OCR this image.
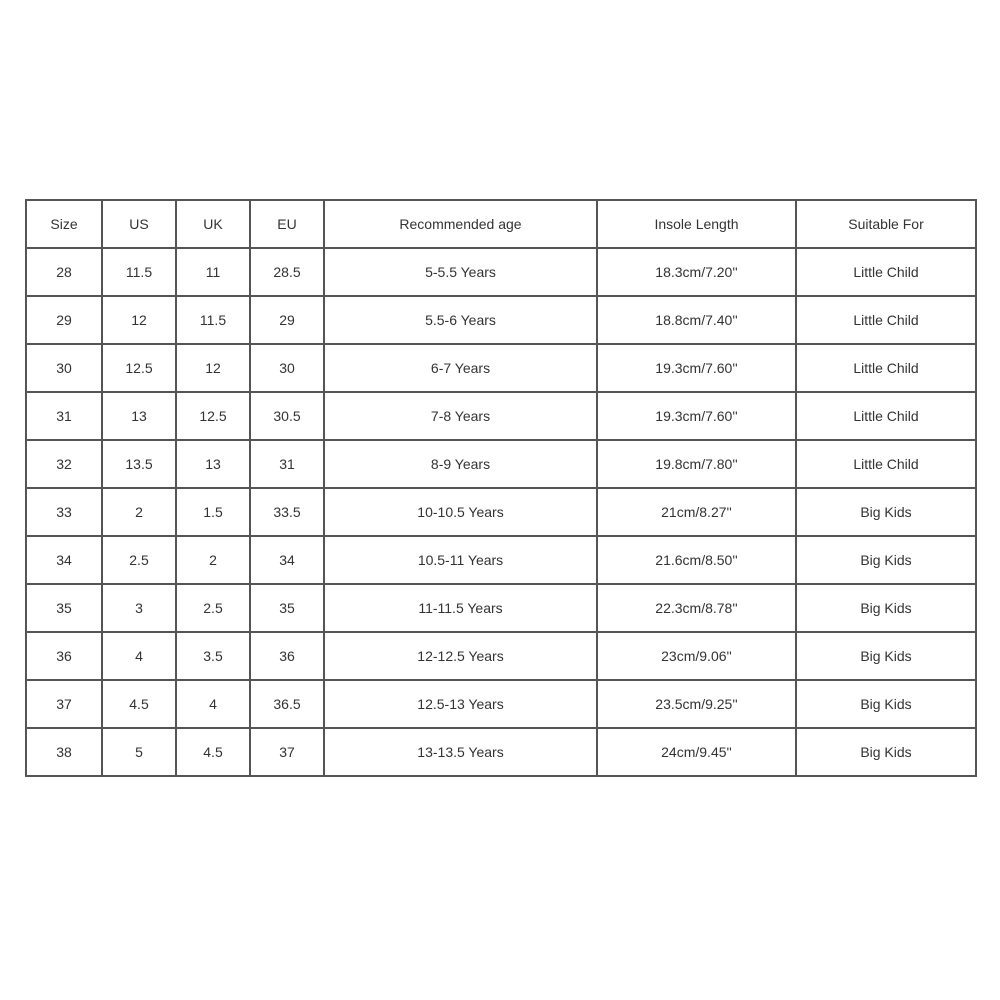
Size	US	UK	EU	Recommended age	Insole Length	Suitable For
28	11.5	11	28.5	5-5.5 Years	18.3cm/7.20''	Little Child
29	12	11.5	29	5.5-6 Years	18.8cm/7.40''	Little Child
30	12.5	12	30	6-7 Years	19.3cm/7.60''	Little Child
31	13	12.5	30.5	7-8 Years	19.3cm/7.60''	Little Child
32	13.5	13	31	8-9 Years	19.8cm/7.80''	Little Child
33	2	1.5	33.5	10-10.5 Years	21cm/8.27''	Big Kids
34	2.5	2	34	10.5-11 Years	21.6cm/8.50''	Big Kids
35	3	2.5	35	11-11.5 Years	22.3cm/8.78''	Big Kids
36	4	3.5	36	12-12.5 Years	23cm/9.06''	Big Kids
37	4.5	4	36.5	12.5-13 Years	23.5cm/9.25''	Big Kids
38	5	4.5	37	13-13.5 Years	24cm/9.45''	Big Kids
